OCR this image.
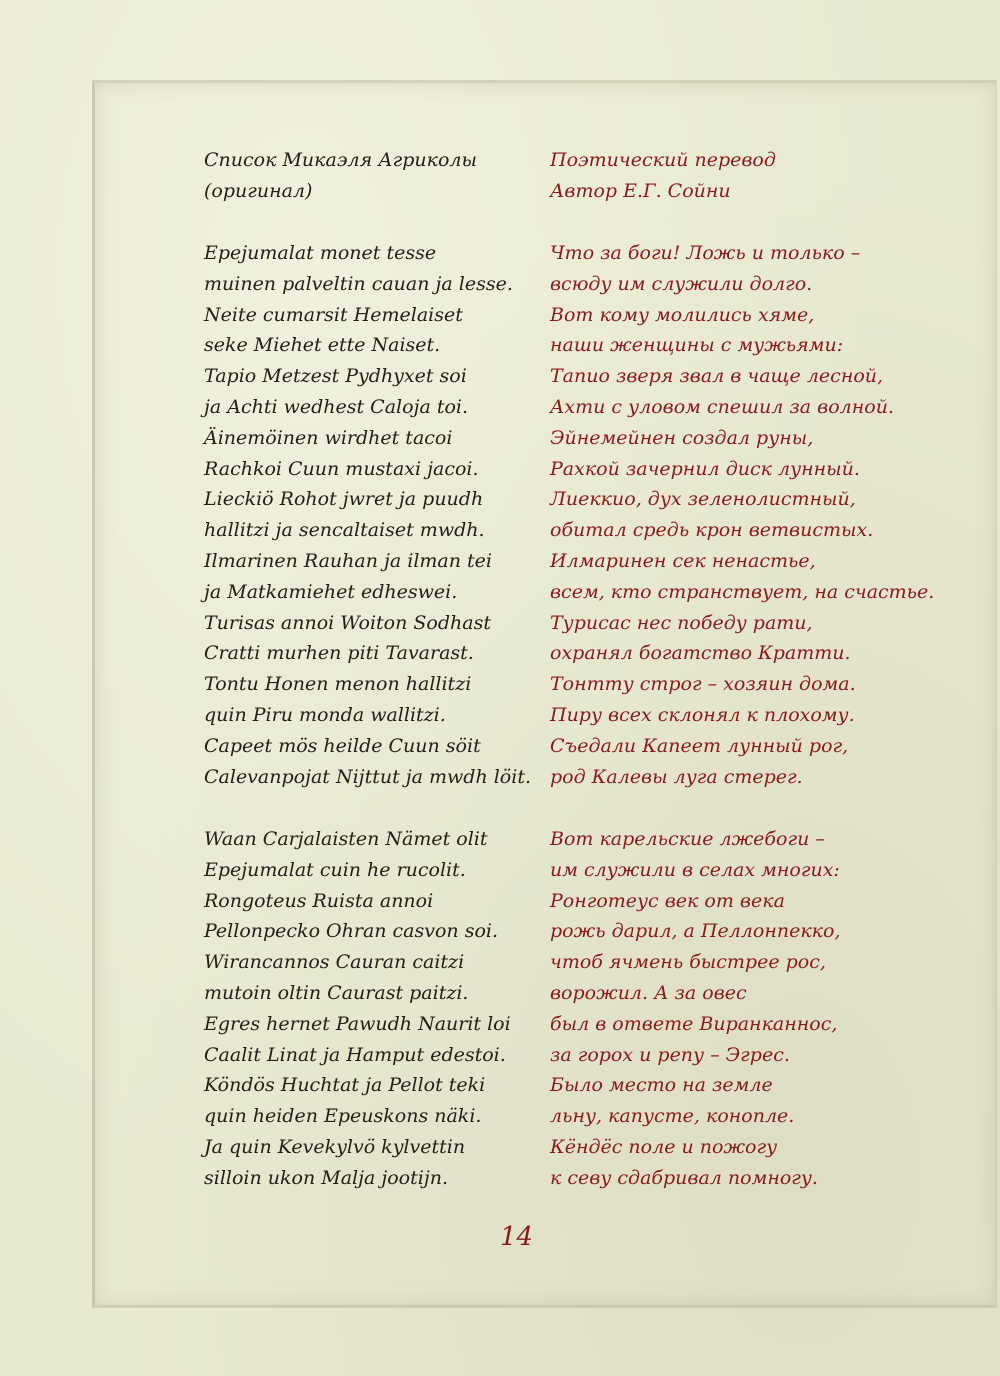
Список Микаэля Агриколы
(оригинал)
Epejumalat monet tesse
muinen palveltin cauan ja lesse.
Neite cumarsit Hemelaiset
seke Miehet ette Naiset.
Tapio Metzest Pydhyxet soi
ja Achti wedhest Caloja toi.
Äinemöinen wirdhet tacoi
Rachkoi Cuun mustaxi jacoi.
Lieckiö Rohot jwret ja puudh
hallitzi ja sencaltaiset mwdh.
Ilmarinen Rauhan ja ilman tei
ja Matkamiehet edheswei.
Turisas annoi Woiton Sodhast
Cratti murhen piti Tavarast.
Tontu Honen menon hallitzi
quin Piru monda wallitzi.
Capeet mös heilde Cuun söit
Calevanpojat Nijttut ja mwdh löit.
Waan Carjalaisten Nämet olit
Epejumalat cuin he rucolit.
Rongoteus Ruista annoi
Pellonpecko Ohran casvon soi.
Wirancannos Cauran caitzi
mutoin oltin Caurast paitzi.
Egres hernet Pawudh Naurit loi
Caalit Linat ja Hamput edestoi.
Köndös Huchtat ja Pellot teki
quin heiden Epeuskons näki.
Ja quin Kevekylvö kylvettin
silloin ukon Malja jootijn.
Поэтический перевод
Автор Е.Г. Сойни
Что за боги! Ложь и только –
всюду им служили долго.
Вот кому молились хяме,
наши женщины с мужьями:
Тапио зверя звал в чаще лесной,
Ахти с уловом спешил за волной.
Эйнемейнен создал руны,
Рахкой зачернил диск лунный.
Лиеккио, дух зеленолистный,
обитал средь крон ветвистых.
Илмаринен сек ненастье,
всем, кто странствует, на счастье.
Турисас нес победу рати,
охранял богатство Кратти.
Тонтту строг – хозяин дома.
Пиру всех склонял к плохому.
Съедали Капеет лунный рог,
род Калевы луга стерег.
Вот карельские лжебоги –
им служили в селах многих:
Ронготеус век от века
рожь дарил, а Пеллонпекко,
чтоб ячмень быстрее рос,
ворожил. А за овес
был в ответе Виранканнос,
за горох и репу – Эгрес.
Было место на земле
льну, капусте, конопле.
Кёндёс поле и пожогу
к севу сдабривал помногу.
14
